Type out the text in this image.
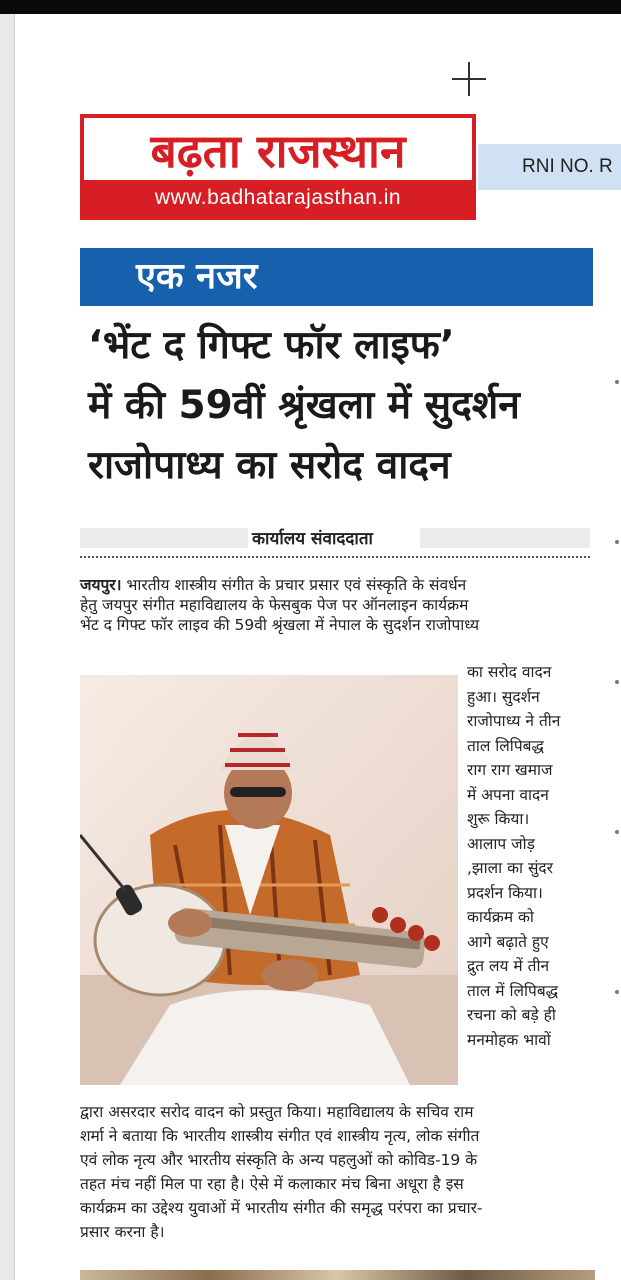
बढ़ता राजस्थान
www.badhatarajasthan.in
RNI NO. R
एक नजर
‘भेंट द गिफ्ट फॉर लाइफ’
में की 59वीं श्रृंखला में सुदर्शन
राजोपाध्य का सरोद वादन
कार्यालय संवाददाता
जयपुर। भारतीय शास्त्रीय संगीत के प्रचार प्रसार एवं संस्कृति के संवर्धन
हेतु जयपुर संगीत महाविद्यालय के फेसबुक पेज पर ऑनलाइन कार्यक्रम
भेंट द गिफ्ट फॉर लाइव की 59वी श्रृंखला में नेपाल के सुदर्शन राजोपाध्य
का सरोद वादन
हुआ। सुदर्शन
राजोपाध्य ने तीन
ताल लिपिबद्ध
राग राग खमाज
में अपना वादन
शुरू किया।
आलाप जोड़
,झाला का सुंदर
प्रदर्शन किया।
कार्यक्रम को
आगे बढ़ाते हुए
द्रुत लय में तीन
ताल में लिपिबद्ध
रचना को बड़े ही
मनमोहक भावों
द्वारा असरदार सरोद वादन को प्रस्तुत किया। महाविद्यालय के सचिव राम
शर्मा ने बताया कि भारतीय शास्त्रीय संगीत एवं शास्त्रीय नृत्य, लोक संगीत
एवं लोक नृत्य और भारतीय संस्कृति के अन्य पहलुओं को कोविड-19 के
तहत मंच नहीं मिल पा रहा है। ऐसे में कलाकार मंच बिना अधूरा है इस
कार्यक्रम का उद्देश्य युवाओं में भारतीय संगीत की समृद्ध परंपरा का प्रचार-
प्रसार करना है।
